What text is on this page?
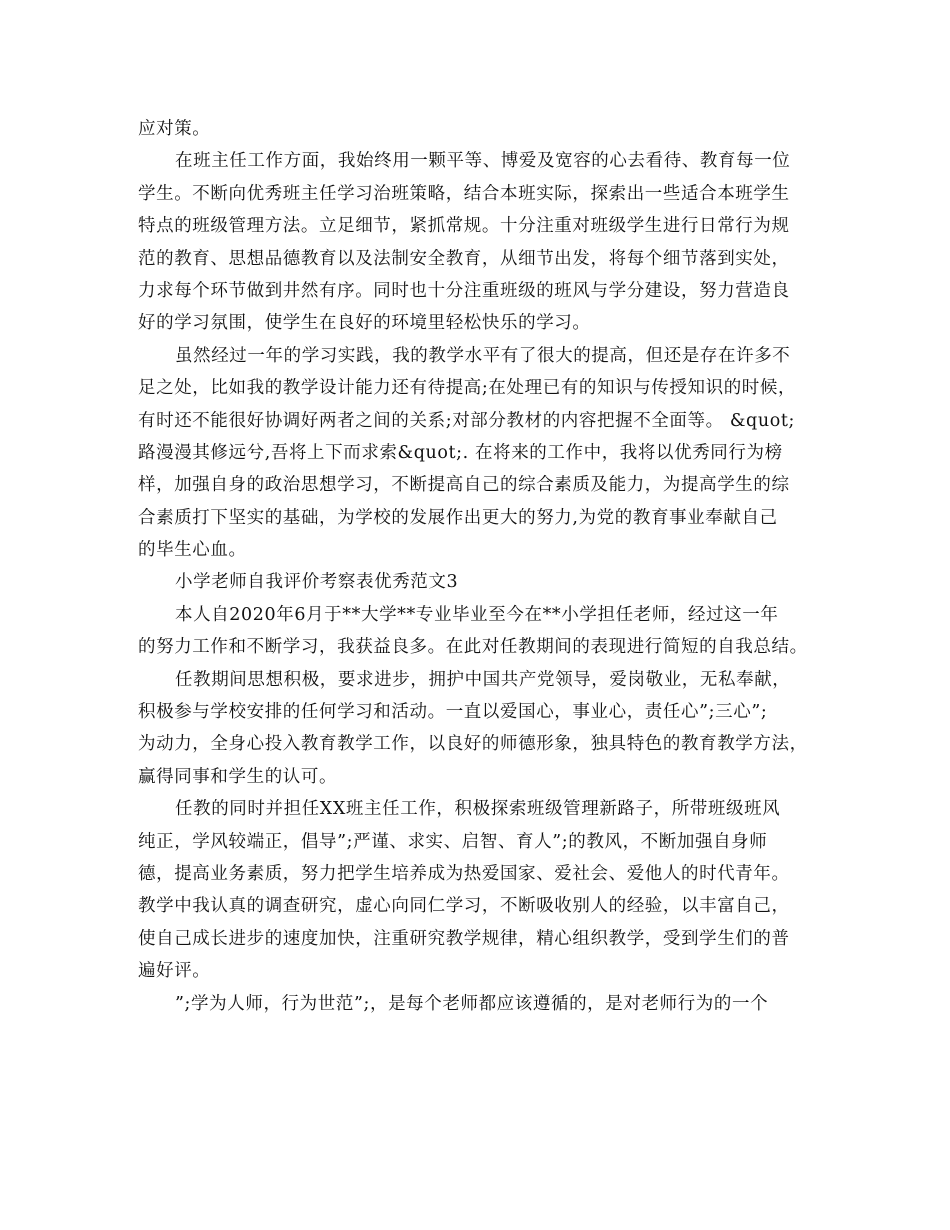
应对策。
在班主任工作方面，我始终用一颗平等、博爱及宽容的心去看待、教育每一位
学生。不断向优秀班主任学习治班策略，结合本班实际，探索出一些适合本班学生
特点的班级管理方法。立足细节，紧抓常规。十分注重对班级学生进行日常行为规
范的教育、思想品德教育以及法制安全教育，从细节出发，将每个细节落到实处，
力求每个环节做到井然有序。同时也十分注重班级的班风与学分建设，努力营造良
好的学习氛围，使学生在良好的环境里轻松快乐的学习。
虽然经过一年的学习实践，我的教学水平有了很大的提高，但还是存在许多不
足之处，比如我的教学设计能力还有待提高;在处理已有的知识与传授知识的时候，
有时还不能很好协调好两者之间的关系;对部分教材的内容把握不全面等。 &quot;
路漫漫其修远兮,吾将上下而求索&quot;. 在将来的工作中，我将以优秀同行为榜
样，加强自身的政治思想学习，不断提高自己的综合素质及能力，为提高学生的综
合素质打下坚实的基础，为学校的发展作出更大的努力,为党的教育事业奉献自己
的毕生心血。
小学老师自我评价考察表优秀范文3
本人自2020年6月于**大学**专业毕业至今在**小学担任老师，经过这一年
的努力工作和不断学习，我获益良多。在此对任教期间的表现进行简短的自我总结。
任教期间思想积极，要求进步，拥护中国共产党领导，爱岗敬业，无私奉献，
积极参与学校安排的任何学习和活动。一直以爱国心，事业心，责任心”;三心”;
为动力，全身心投入教育教学工作，以良好的师德形象，独具特色的教育教学方法，
赢得同事和学生的认可。
任教的同时并担任XX班主任工作，积极探索班级管理新路子，所带班级班风
纯正，学风较端正，倡导”;严谨、求实、启智、育人”;的教风，不断加强自身师
德，提高业务素质，努力把学生培养成为热爱国家、爱社会、爱他人的时代青年。
教学中我认真的调查研究，虚心向同仁学习，不断吸收别人的经验，以丰富自己，
使自己成长进步的速度加快，注重研究教学规律，精心组织教学，受到学生们的普
遍好评。
”;学为人师，行为世范”;，是每个老师都应该遵循的，是对老师行为的一个
